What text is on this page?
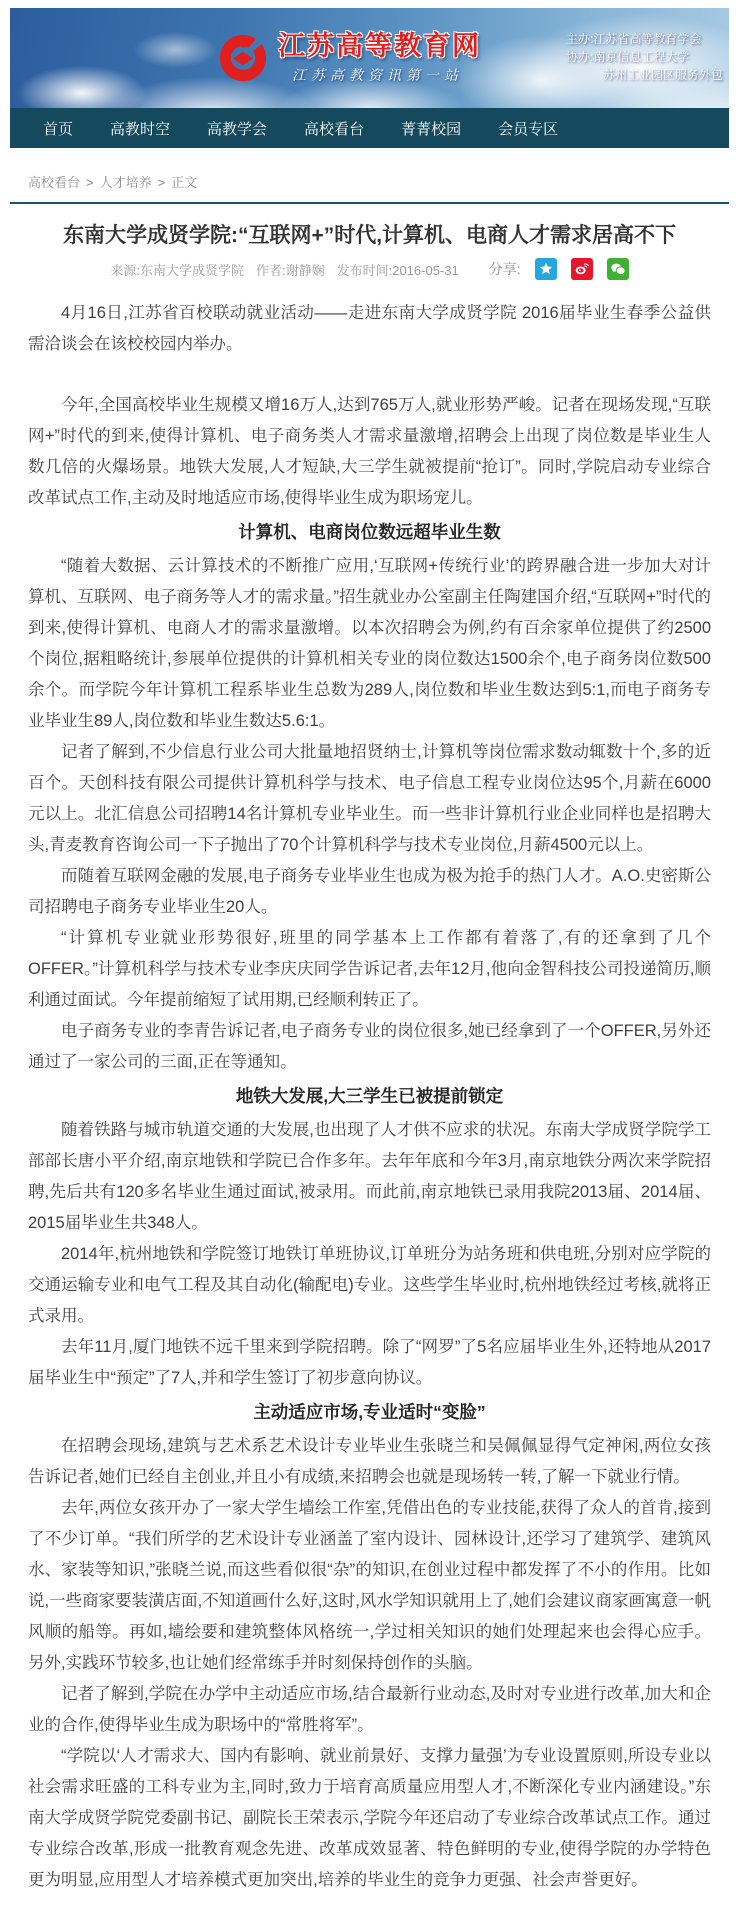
江苏高等教育网
江苏高教资讯第一站
主办:江苏省高等教育学会
协办:南京信息工程大学
苏州工业园区服务外包
首页 高教时空 高教学会 高校看台 菁菁校园 会员专区
高校看台 > 人才培养 > 正文
东南大学成贤学院:“互联网+”时代,计算机、电商人才需求居高不下
来源:东南大学成贤学院 作者:谢静娴 发布时间:2016-05-31 分享:

4月16日,江苏省百校联动就业活动——走进东南大学成贤学院 2016届毕业生春季公益供需洽谈会在该校校园内举办。

今年,全国高校毕业生规模又增16万人,达到765万人,就业形势严峻。记者在现场发现,“互联网+”时代的到来,使得计算机、电子商务类人才需求量激增,招聘会上出现了岗位数是毕业生人数几倍的火爆场景。地铁大发展,人才短缺,大三学生就被提前“抢订”。同时,学院启动专业综合改革试点工作,主动及时地适应市场,使得毕业生成为职场宠儿。

计算机、电商岗位数远超毕业生数

“随着大数据、云计算技术的不断推广应用,‘互联网+传统行业’的跨界融合进一步加大对计算机、互联网、电子商务等人才的需求量。”招生就业办公室副主任陶建国介绍,“互联网+”时代的到来,使得计算机、电商人才的需求量激增。以本次招聘会为例,约有百余家单位提供了约2500个岗位,据粗略统计,参展单位提供的计算机相关专业的岗位数达1500余个,电子商务岗位数500余个。而学院今年计算机工程系毕业生总数为289人,岗位数和毕业生数达到5:1,而电子商务专业毕业生89人,岗位数和毕业生数达5.6:1。

记者了解到,不少信息行业公司大批量地招贤纳士,计算机等岗位需求数动辄数十个,多的近百个。天创科技有限公司提供计算机科学与技术、电子信息工程专业岗位达95个,月薪在6000元以上。北汇信息公司招聘14名计算机专业毕业生。而一些非计算机行业企业同样也是招聘大头,青麦教育咨询公司一下子抛出了70个计算机科学与技术专业岗位,月薪4500元以上。

而随着互联网金融的发展,电子商务专业毕业生也成为极为抢手的热门人才。A.O.史密斯公司招聘电子商务专业毕业生20人。

“计算机专业就业形势很好,班里的同学基本上工作都有着落了,有的还拿到了几个OFFER。”计算机科学与技术专业李庆庆同学告诉记者,去年12月,他向金智科技公司投递简历,顺利通过面试。今年提前缩短了试用期,已经顺利转正了。

电子商务专业的李青告诉记者,电子商务专业的岗位很多,她已经拿到了一个OFFER,另外还通过了一家公司的三面,正在等通知。

地铁大发展,大三学生已被提前锁定

随着铁路与城市轨道交通的大发展,也出现了人才供不应求的状况。东南大学成贤学院学工部部长唐小平介绍,南京地铁和学院已合作多年。去年年底和今年3月,南京地铁分两次来学院招聘,先后共有120多名毕业生通过面试,被录用。而此前,南京地铁已录用我院2013届、2014届、2015届毕业生共348人。

2014年,杭州地铁和学院签订地铁订单班协议,订单班分为站务班和供电班,分别对应学院的交通运输专业和电气工程及其自动化(输配电)专业。这些学生毕业时,杭州地铁经过考核,就将正式录用。

去年11月,厦门地铁不远千里来到学院招聘。除了“网罗”了5名应届毕业生外,还特地从2017届毕业生中“预定”了7人,并和学生签订了初步意向协议。

主动适应市场,专业适时“变脸”

在招聘会现场,建筑与艺术系艺术设计专业毕业生张晓兰和吴佩佩显得气定神闲,两位女孩告诉记者,她们已经自主创业,并且小有成绩,来招聘会也就是现场转一转,了解一下就业行情。

去年,两位女孩开办了一家大学生墙绘工作室,凭借出色的专业技能,获得了众人的首肯,接到了不少订单。“我们所学的艺术设计专业涵盖了室内设计、园林设计,还学习了建筑学、建筑风水、家装等知识,”张晓兰说,而这些看似很“杂”的知识,在创业过程中都发挥了不小的作用。比如说,一些商家要装潢店面,不知道画什么好,这时,风水学知识就用上了,她们会建议商家画寓意一帆风顺的船等。再如,墙绘要和建筑整体风格统一,学过相关知识的她们处理起来也会得心应手。另外,实践环节较多,也让她们经常练手并时刻保持创作的头脑。

记者了解到,学院在办学中主动适应市场,结合最新行业动态,及时对专业进行改革,加大和企业的合作,使得毕业生成为职场中的“常胜将军”。

“学院以‘人才需求大、国内有影响、就业前景好、支撑力量强’为专业设置原则,所设专业以社会需求旺盛的工科专业为主,同时,致力于培育高质量应用型人才,不断深化专业内涵建设。”东南大学成贤学院党委副书记、副院长王荣表示,学院今年还启动了专业综合改革试点工作。通过专业综合改革,形成一批教育观念先进、改革成效显著、特色鲜明的专业,使得学院的办学特色更为明显,应用型人才培养模式更加突出,培养的毕业生的竞争力更强、社会声誉更好。
